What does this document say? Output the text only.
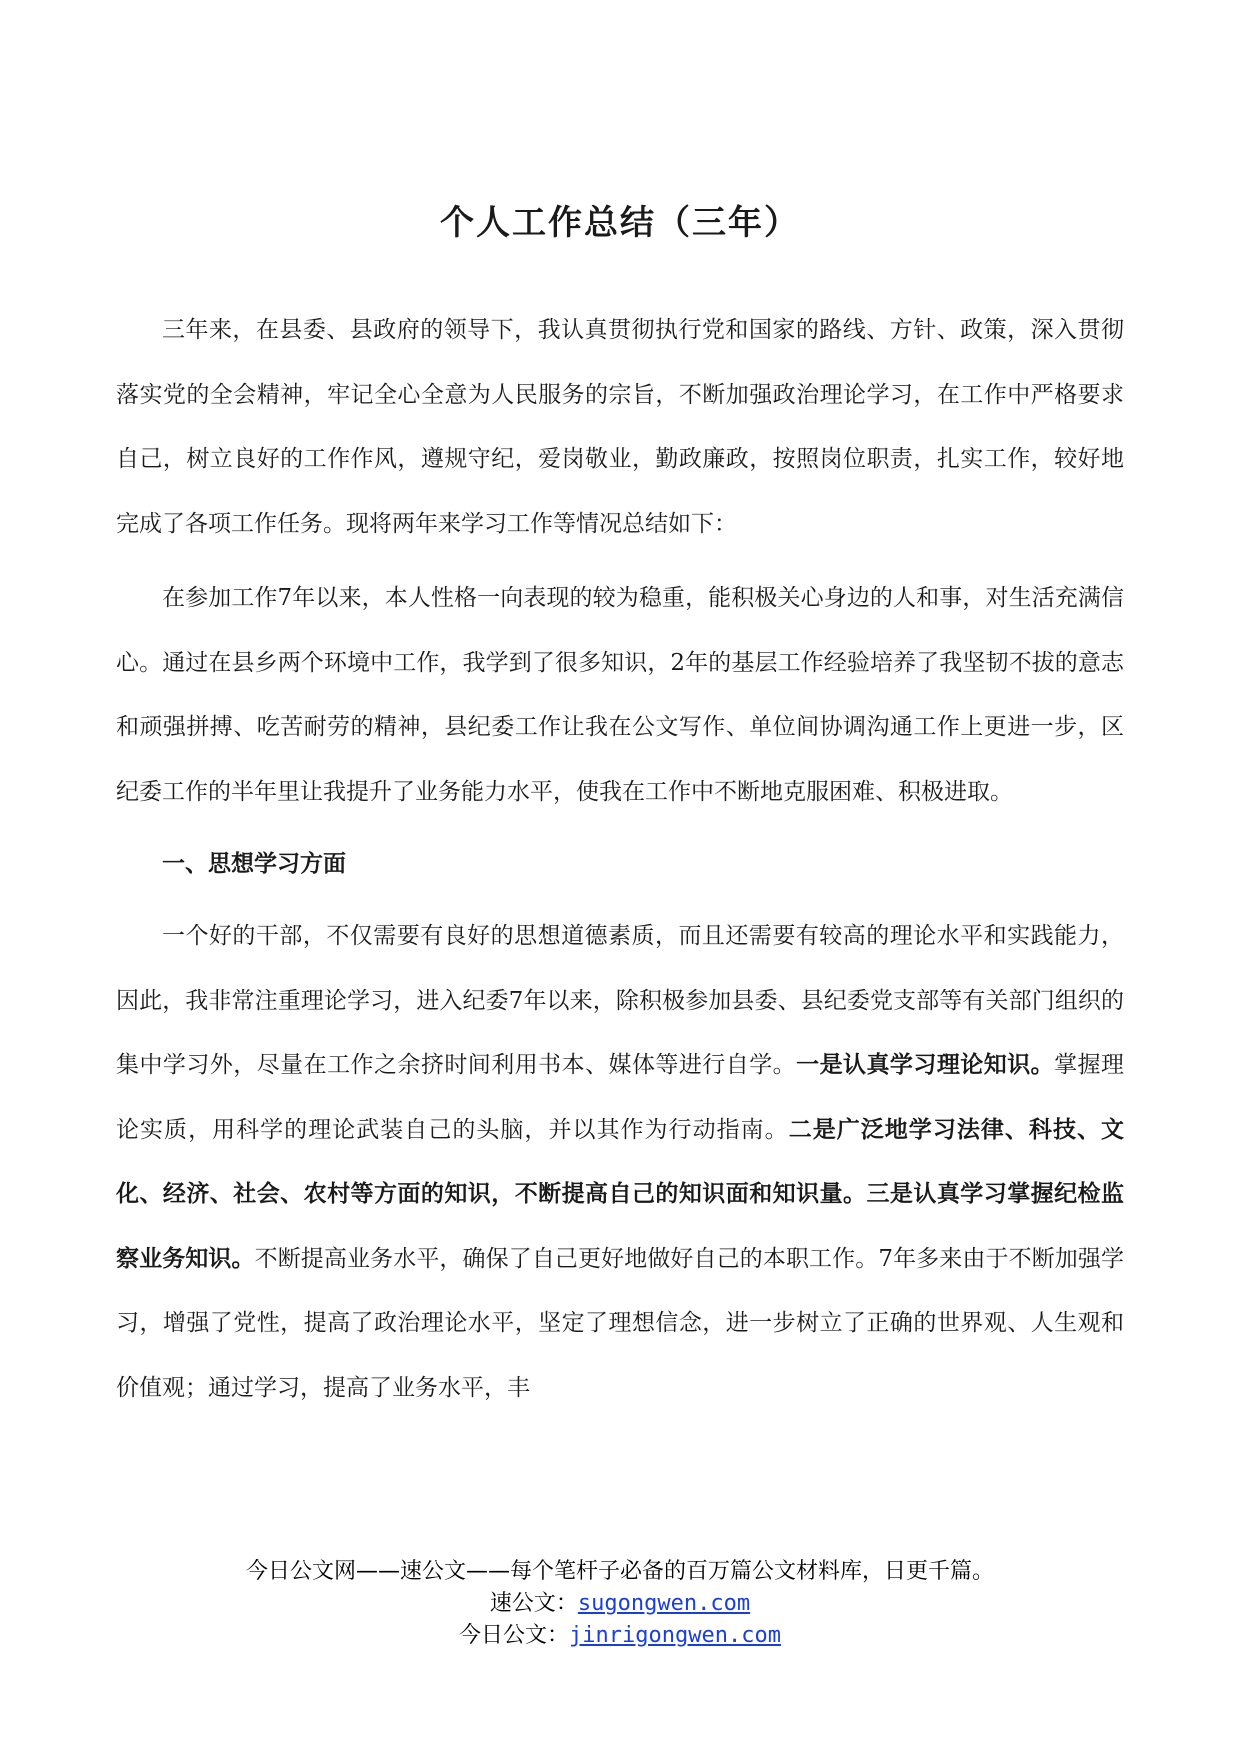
个人工作总结（三年）

三年来，在县委、县政府的领导下，我认真贯彻执行党和国家的路线、方针、政策，深入贯彻落实党的全会精神，牢记全心全意为人民服务的宗旨，不断加强政治理论学习，在工作中严格要求自己，树立良好的工作作风，遵规守纪，爱岗敬业，勤政廉政，按照岗位职责，扎实工作，较好地完成了各项工作任务。现将两年来学习工作等情况总结如下：

在参加工作7年以来，本人性格一向表现的较为稳重，能积极关心身边的人和事，对生活充满信心。通过在县乡两个环境中工作，我学到了很多知识，2年的基层工作经验培养了我坚韧不拔的意志和顽强拼搏、吃苦耐劳的精神，县纪委工作让我在公文写作、单位间协调沟通工作上更进一步，区纪委工作的半年里让我提升了业务能力水平，使我在工作中不断地克服困难、积极进取。

一、思想学习方面

一个好的干部，不仅需要有良好的思想道德素质，而且还需要有较高的理论水平和实践能力，因此，我非常注重理论学习，进入纪委7年以来，除积极参加县委、县纪委党支部等有关部门组织的集中学习外，尽量在工作之余挤时间利用书本、媒体等进行自学。一是认真学习理论知识。掌握理论实质，用科学的理论武装自己的头脑，并以其作为行动指南。二是广泛地学习法律、科技、文化、经济、社会、农村等方面的知识，不断提高自己的知识面和知识量。三是认真学习掌握纪检监察业务知识。不断提高业务水平，确保了自己更好地做好自己的本职工作。7年多来由于不断加强学习，增强了党性，提高了政治理论水平，坚定了理想信念，进一步树立了正确的世界观、人生观和价值观；通过学习，提高了业务水平，丰

今日公文网——速公文——每个笔杆子必备的百万篇公文材料库，日更千篇。

速公文：sugongwen.com

今日公文：jinrigongwen.com
